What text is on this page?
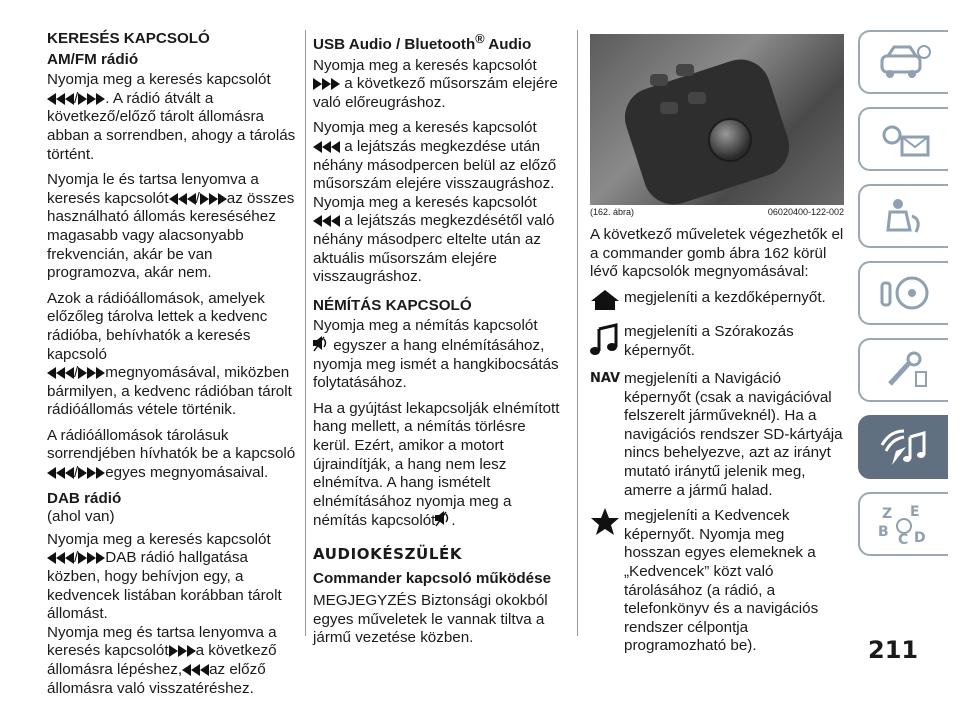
KERESÉS KAPCSOLÓ

AM/FM rádió

Nyomja meg a keresés kapcsolót
/ . A rádió átvált a következő/előző tárolt állomásra abban a sorrendben, ahogy a tárolás történt.

Nyomja le és tartsa lenyomva a keresés kapcsolót / az összes használható állomás kereséséhez magasabb vagy alacsonyabb frekvencián, akár be van programozva, akár nem.

Azok a rádióállomások, amelyek előzőleg tárolva lettek a kedvenc rádióba, behívhatók a keresés kapcsoló
/ megnyomásával, miközben bármilyen, a kedvenc rádióban tárolt rádióállomás vétele történik.

A rádióállomások tárolásuk sorrendjében hívhatók be a kapcsoló
/ egyes megnyomásaival.

DAB rádió

(ahol van)

Nyomja meg a keresés kapcsolót
/ DAB rádió hallgatása közben, hogy behívjon egy, a kedvencek listában korábban tárolt állomást.
Nyomja meg és tartsa lenyomva a keresés kapcsolót a következő állomásra lépéshez, az előző állomásra való visszatéréshez.

USB Audio / Bluetooth® Audio

Nyomja meg a keresés kapcsolót
a következő műsorszám elejére való előreugráshoz.

Nyomja meg a keresés kapcsolót
a lejátszás megkezdése után néhány másodpercen belül az előző műsorszám elejére visszaugráshoz.
Nyomja meg a keresés kapcsolót
a lejátszás megkezdésétől való néhány másodperc eltelte után az aktuális műsorszám elejére visszaugráshoz.

NÉMÍTÁS KAPCSOLÓ

Nyomja meg a némítás kapcsolót
egyszer a hang elnémításához, nyomja meg ismét a hangkibocsátás folytatásához.

Ha a gyújtást lekapcsolják elnémított hang mellett, a némítás törlésre kerül. Ezért, amikor a motort újraindítják, a hang nem lesz elnémítva. A hang ismételt elnémításához nyomja meg a némítás kapcsolót .

AUDIOKÉSZÜLÉK

Commander kapcsoló működése

MEGJEGYZÉS Biztonsági okokból egyes műveletek le vannak tiltva a jármű vezetése közben.

(162. ábra)	06020400-122-002

A következő műveletek végezhetők el a commander gomb ábra 162 körül lévő kapcsolók megnyomásával:

megjeleníti a kezdőképernyőt.
megjeleníti a Szórakozás képernyőt.
NAV megjeleníti a Navigáció képernyőt (csak a navigációval felszerelt járműveknél). Ha a navigációs rendszer SD-kártyája nincs behelyezve, azt az irányt mutató iránytű jelenik meg, amerre a jármű halad.
megjeleníti a Kedvencek képernyőt. Nyomja meg hosszan egyes elemeknek a „Kedvencek” közt való tárolásához (a rádió, a telefonkönyv és a navigációs rendszer célpontja programozható be).
Z E
B C D
211
